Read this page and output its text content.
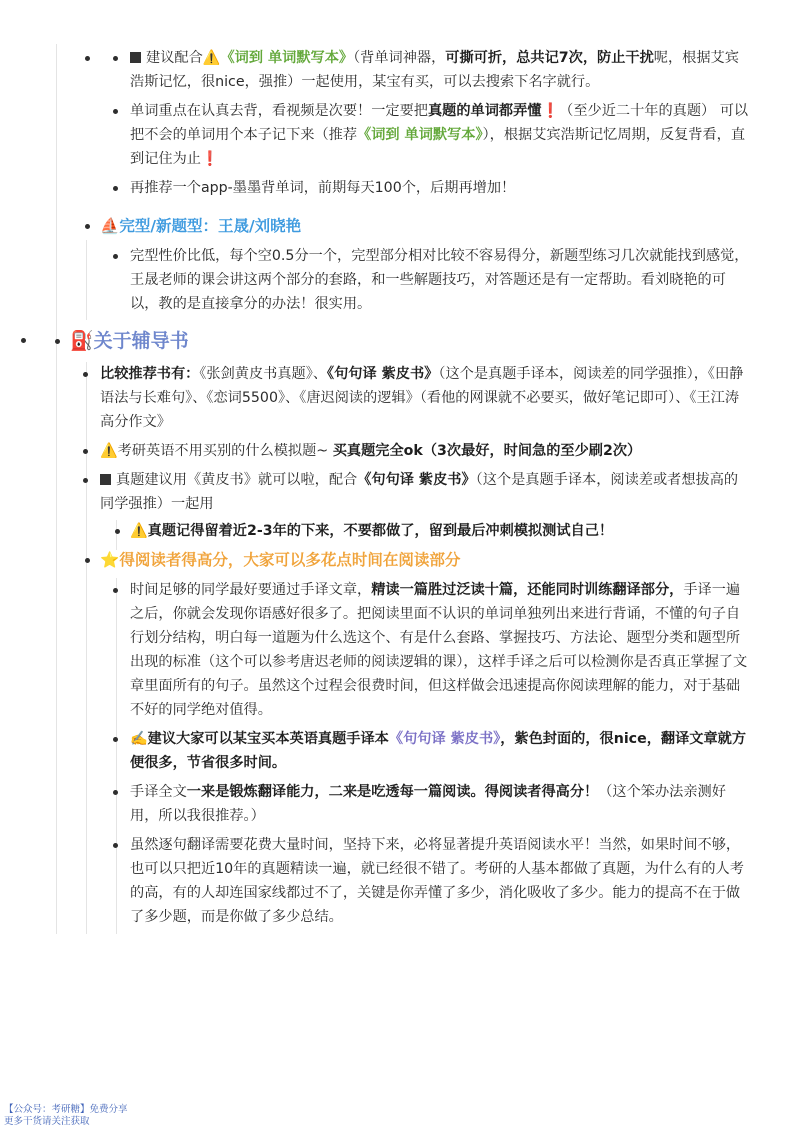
建议配合⚠️《词到 单词默写本》（背单词神器，可撕可折，总共记7次，防止干扰呢，根据艾宾浩斯记忆，很nice，强推）一起使用，某宝有买，可以去搜索下名字就行。
单词重点在认真去背，看视频是次要！一定要把真题的单词都弄懂❗（至少近二十年的真题） 可以把不会的单词用个本子记下来（推荐《词到 单词默写本》），根据艾宾浩斯记忆周期，反复背看，直到记住为止❗
再推荐一个app-墨墨背单词，前期每天100个，后期再增加！
⛵完型/新题型：王晟/刘晓艳
完型性价比低，每个空0.5分一个，完型部分相对比较不容易得分，新题型练习几次就能找到感觉，王晟老师的课会讲这两个部分的套路，和一些解题技巧，对答题还是有一定帮助。看刘晓艳的可以，教的是直接拿分的办法！很实用。
⛽关于辅导书
比较推荐书有：《张剑黄皮书真题》、《句句译 紫皮书》（这个是真题手译本，阅读差的同学强推），《田静语法与长难句》、《恋词5500》、《唐迟阅读的逻辑》（看他的网课就不必要买，做好笔记即可）、《王江涛高分作文》
⚠️考研英语不用买别的什么模拟题~ 买真题完全ok（3次最好，时间急的至少刷2次）
真题建议用《黄皮书》就可以啦，配合《句句译 紫皮书》（这个是真题手译本，阅读差或者想拔高的同学强推）一起用
⚠️真题记得留着近2-3年的下来，不要都做了，留到最后冲刺模拟测试自己！
⭐得阅读者得高分，大家可以多花点时间在阅读部分
时间足够的同学最好要通过手译文章，精读一篇胜过泛读十篇，还能同时训练翻译部分，手译一遍之后，你就会发现你语感好很多了。把阅读里面不认识的单词单独列出来进行背诵，不懂的句子自行划分结构，明白每一道题为什么选这个、有是什么套路、掌握技巧、方法论、题型分类和题型所出现的标准（这个可以参考唐迟老师的阅读逻辑的课），这样手译之后可以检测你是否真正掌握了文章里面所有的句子。虽然这个过程会很费时间，但这样做会迅速提高你阅读理解的能力，对于基础不好的同学绝对值得。
✍️建议大家可以某宝买本英语真题手译本《句句译 紫皮书》，紫色封面的，很nice，翻译文章就方便很多，节省很多时间。
手译全文一来是锻炼翻译能力，二来是吃透每一篇阅读。得阅读者得高分！（这个笨办法亲测好用，所以我很推荐。）
虽然逐句翻译需要花费大量时间，坚持下来，必将显著提升英语阅读水平！当然，如果时间不够，也可以只把近10年的真题精读一遍，就已经很不错了。考研的人基本都做了真题，为什么有的人考的高，有的人却连国家线都过不了，关键是你弄懂了多少，消化吸收了多少。能力的提高不在于做了多少题，而是你做了多少总结。
【公众号：考研糖】免费分享
更多干货请关注获取
